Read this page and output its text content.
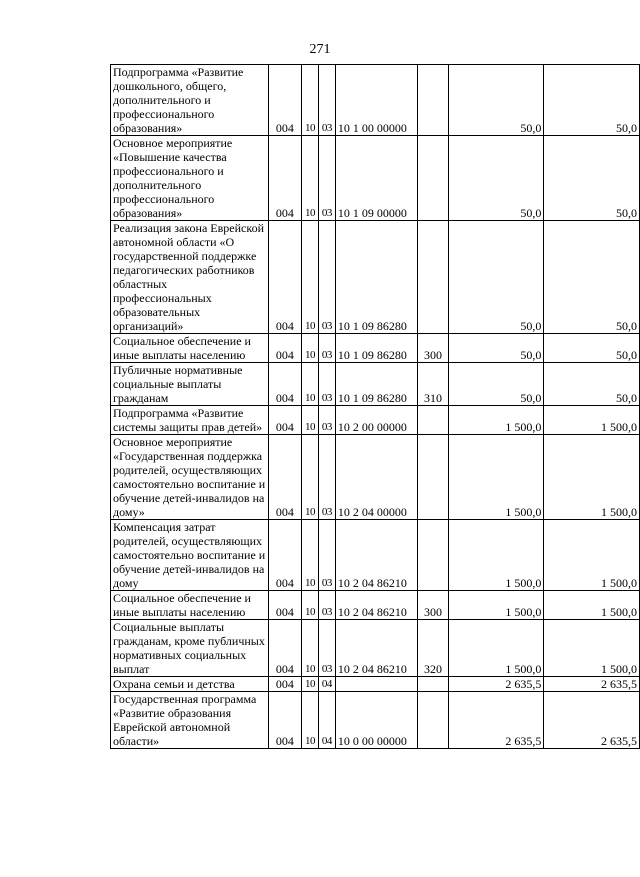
271
Подпрограмма «Развитие дошкольного, общего, дополнительного и профессионального образования»	004	10	03	10 1 00 00000		50,0	50,0
Основное мероприятие «Повышение качества профессионального и дополнительного профессионального образования»	004	10	03	10 1 09 00000		50,0	50,0
Реализация закона Еврейской автономной области «О государственной поддержке педагогических работников областных профессиональных образовательных организаций»	004	10	03	10 1 09 86280		50,0	50,0
Социальное обеспечение и иные выплаты населению	004	10	03	10 1 09 86280	300	50,0	50,0
Публичные нормативные социальные выплаты гражданам	004	10	03	10 1 09 86280	310	50,0	50,0
Подпрограмма «Развитие системы защиты прав детей»	004	10	03	10 2 00 00000		1 500,0	1 500,0
Основное мероприятие «Государственная поддержка родителей, осуществляющих самостоятельно воспитание и обучение детей-инвалидов на дому»	004	10	03	10 2 04 00000		1 500,0	1 500,0
Компенсация затрат родителей, осуществляющих самостоятельно воспитание и обучение детей-инвалидов на дому	004	10	03	10 2 04 86210		1 500,0	1 500,0
Социальное обеспечение и иные выплаты населению	004	10	03	10 2 04 86210	300	1 500,0	1 500,0
Социальные выплаты гражданам, кроме публичных нормативных социальных выплат	004	10	03	10 2 04 86210	320	1 500,0	1 500,0
Охрана семьи и детства	004	10	04			2 635,5	2 635,5
Государственная программа «Развитие образования Еврейской автономной области»	004	10	04	10 0 00 00000		2 635,5	2 635,5
